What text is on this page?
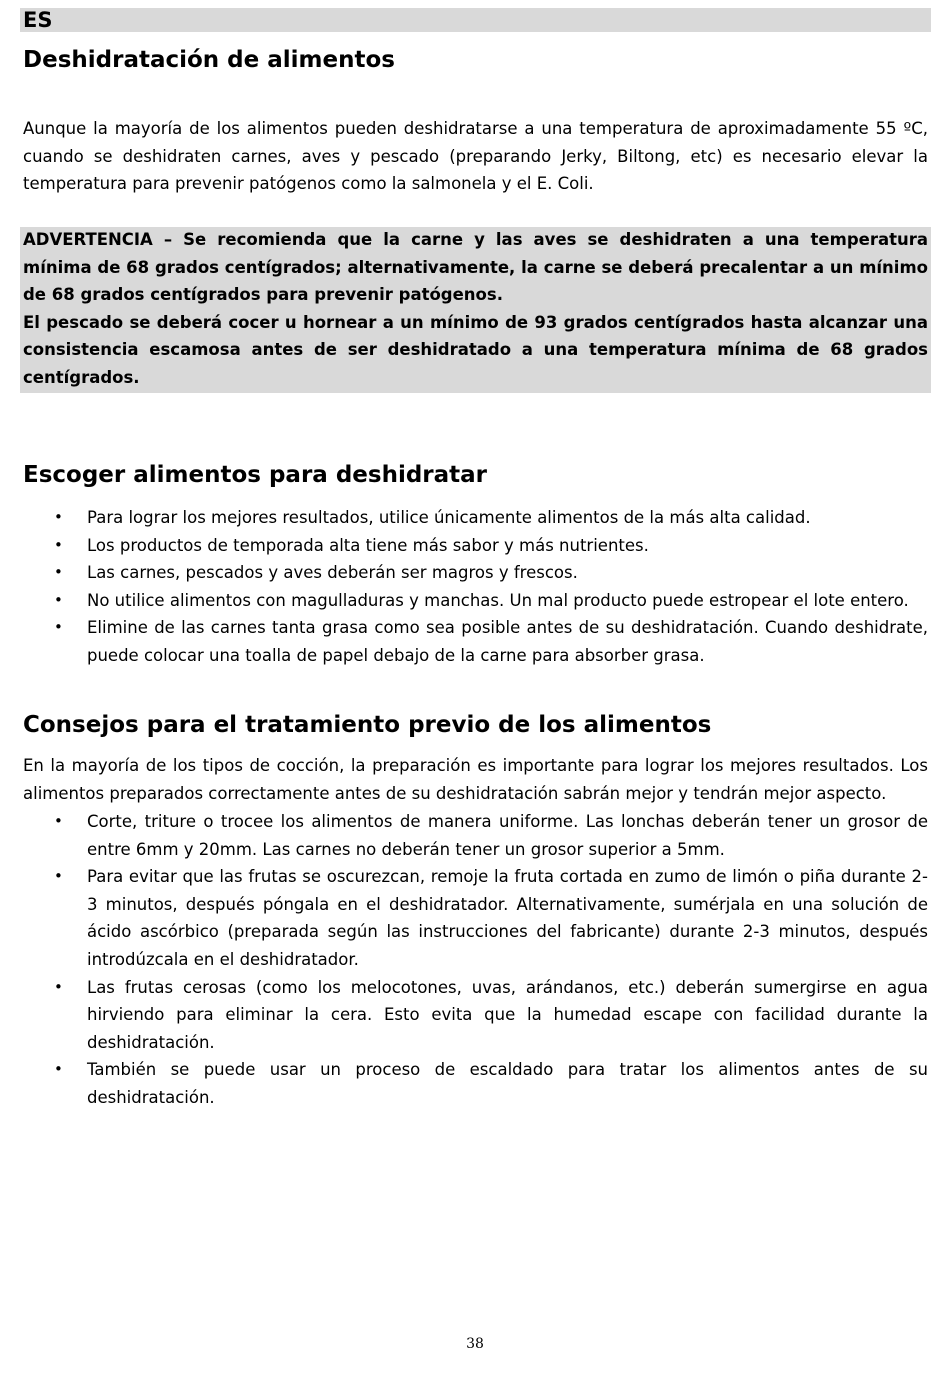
ES
Deshidratación de alimentos

Aunque la mayoría de los alimentos pueden deshidratarse a una temperatura de aproximadamente 55 ºC, cuando se deshidraten carnes, aves y pescado (preparando Jerky, Biltong, etc) es necesario elevar la temperatura para prevenir patógenos como la salmonela y el E. Coli.

ADVERTENCIA – Se recomienda que la carne y las aves se deshidraten a una temperatura mínima de 68 grados centígrados; alternativamente, la carne se deberá precalentar a un mínimo de 68 grados centígrados para prevenir patógenos.
El pescado se deberá cocer u hornear a un mínimo de 93 grados centígrados hasta alcanzar una consistencia escamosa antes de ser deshidratado a una temperatura mínima de 68 grados centígrados.
Escoger alimentos para deshidratar
• Para lograr los mejores resultados, utilice únicamente alimentos de la más alta calidad.
• Los productos de temporada alta tiene más sabor y más nutrientes.
• Las carnes, pescados y aves deberán ser magros y frescos.
• No utilice alimentos con magulladuras y manchas. Un mal producto puede estropear el lote entero.
• Elimine de las carnes tanta grasa como sea posible antes de su deshidratación. Cuando deshidrate, puede colocar una toalla de papel debajo de la carne para absorber grasa.
Consejos para el tratamiento previo de los alimentos

En la mayoría de los tipos de cocción, la preparación es importante para lograr los mejores resultados. Los alimentos preparados correctamente antes de su deshidratación sabrán mejor y tendrán mejor aspecto.

• Corte, triture o trocee los alimentos de manera uniforme. Las lonchas deberán tener un grosor de entre 6mm y 20mm. Las carnes no deberán tener un grosor superior a 5mm.
• Para evitar que las frutas se oscurezcan, remoje la fruta cortada en zumo de limón o piña durante 2-3 minutos, después póngala en el deshidratador. Alternativamente, sumérjala en una solución de ácido ascórbico (preparada según las instrucciones del fabricante) durante 2-3 minutos, después introdúzcala en el deshidratador.
• Las frutas cerosas (como los melocotones, uvas, arándanos, etc.) deberán sumergirse en agua hirviendo para eliminar la cera. Esto evita que la humedad escape con facilidad durante la deshidratación.
• También se puede usar un proceso de escaldado para tratar los alimentos antes de su deshidratación.
38
